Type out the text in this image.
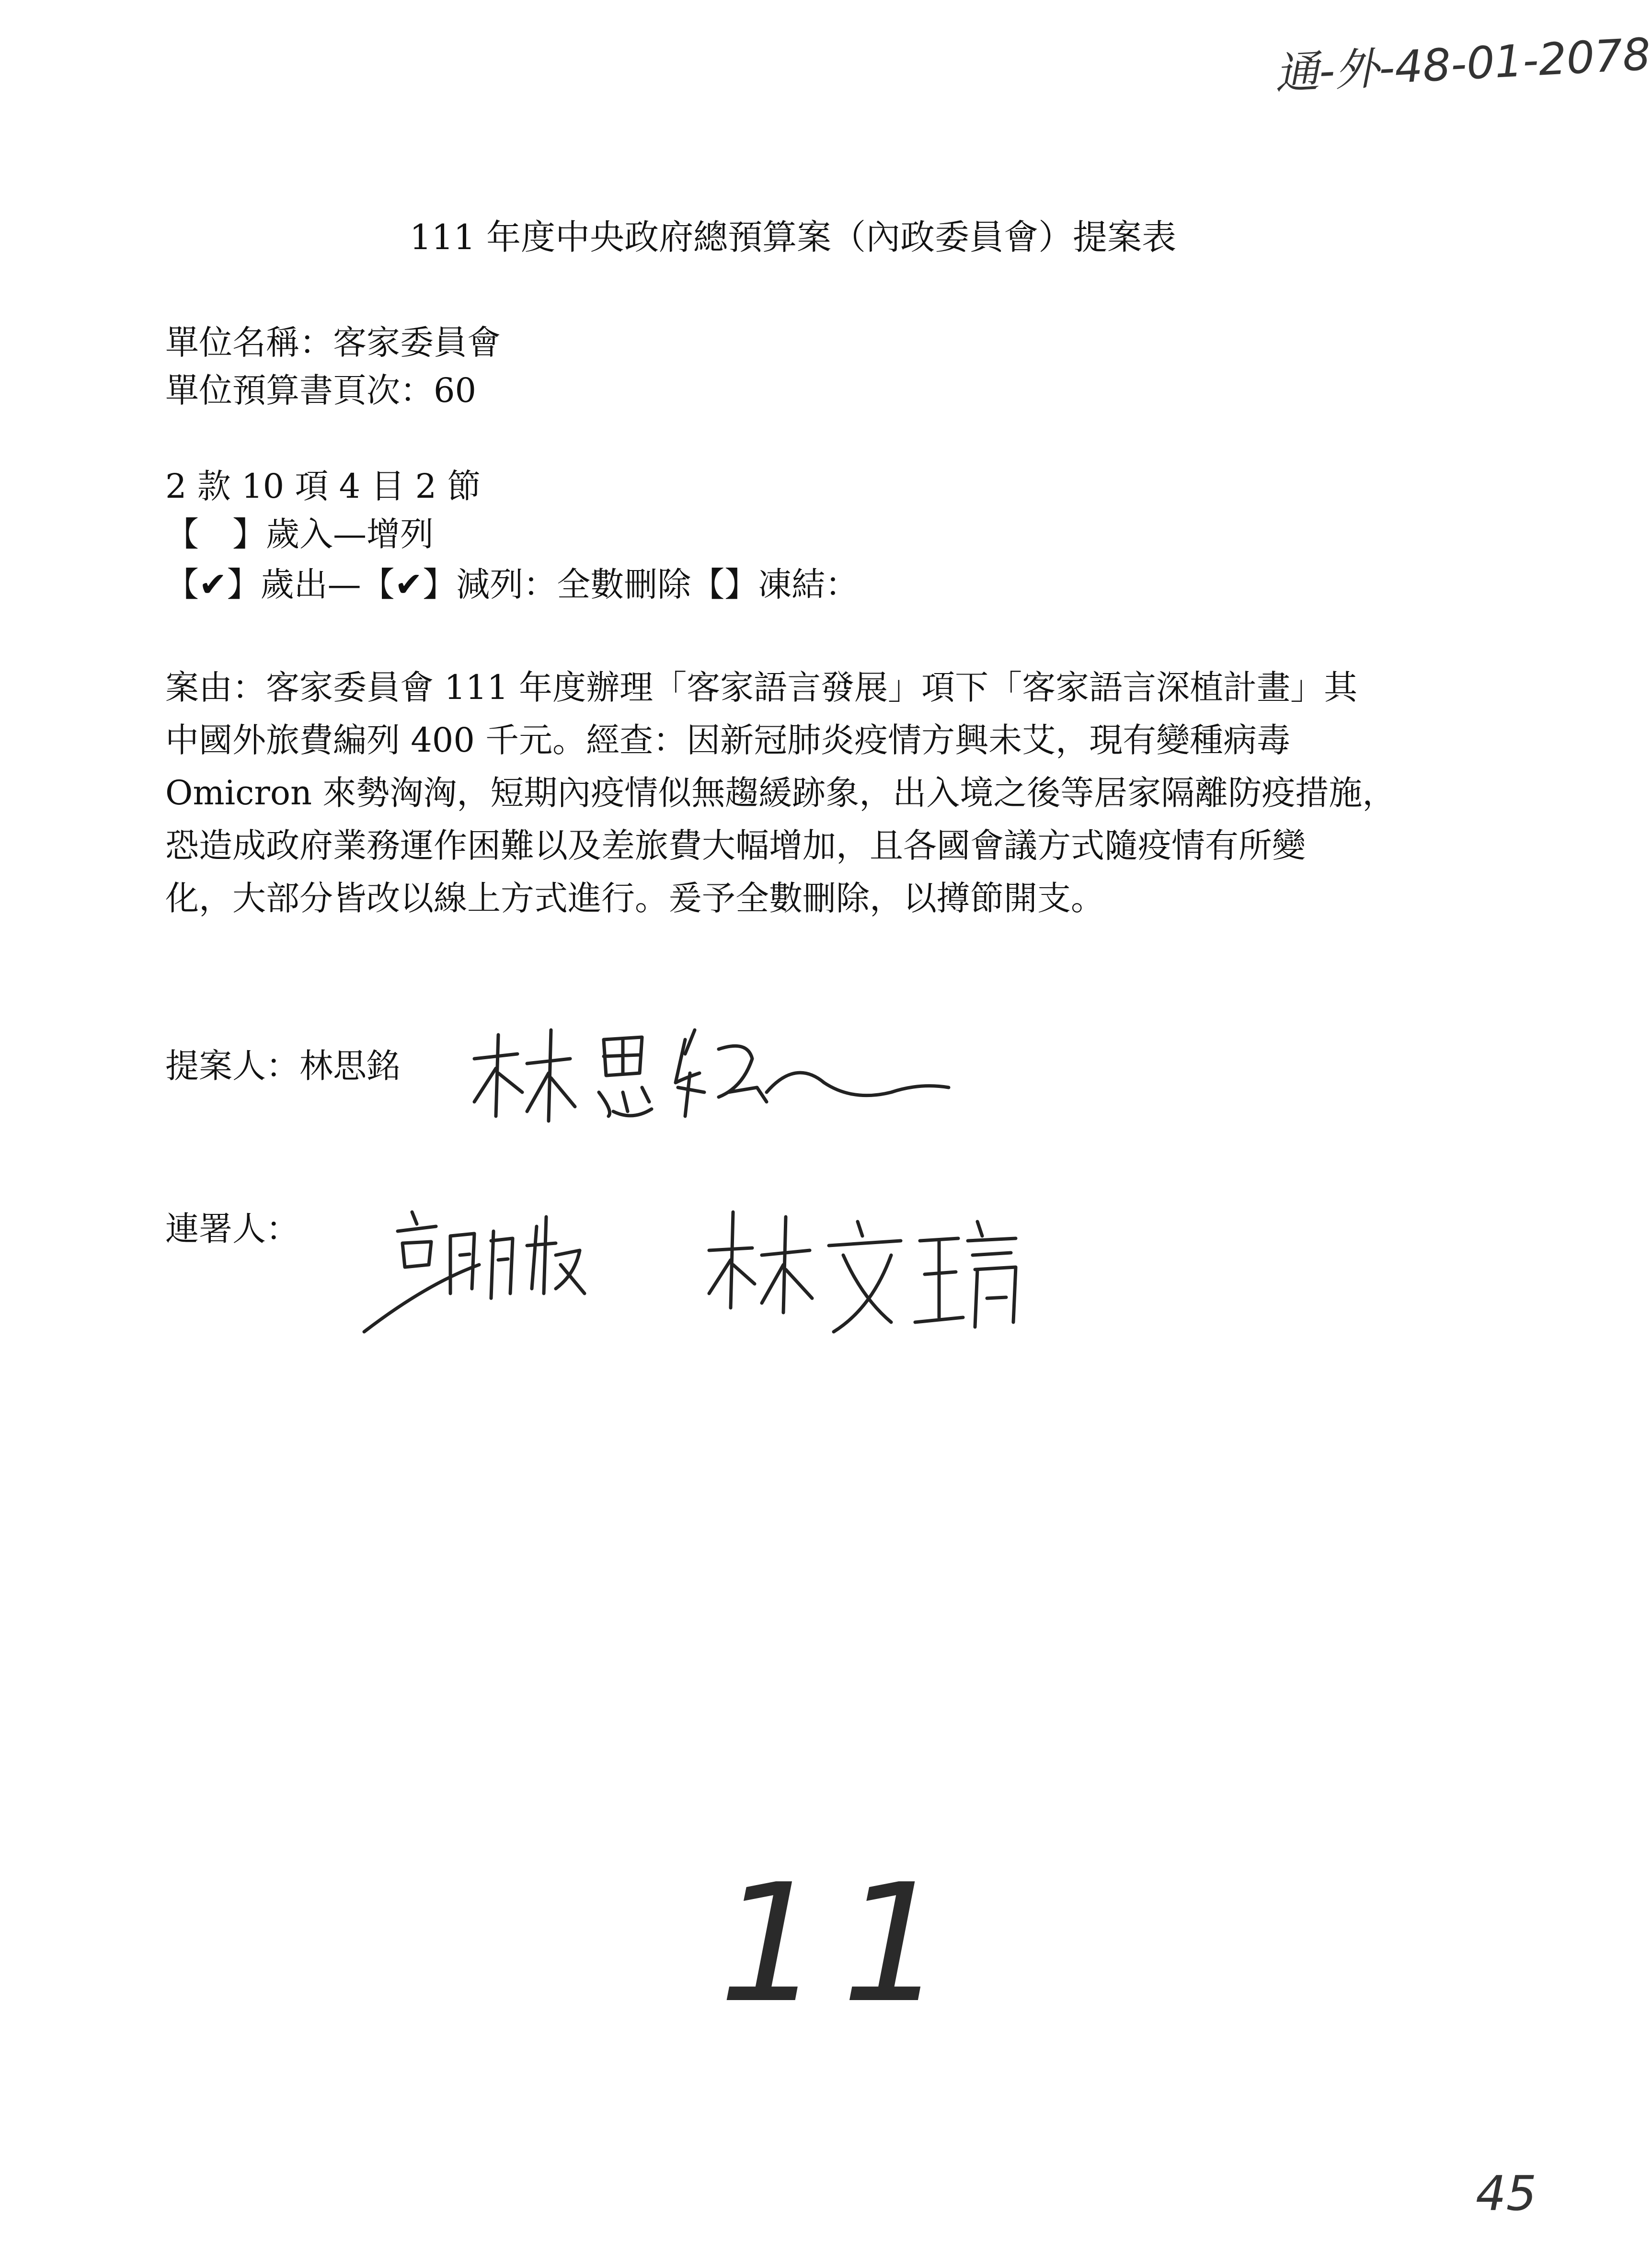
通-外-48-01-2078
111 年度中央政府總預算案（內政委員會）提案表
單位名稱：客家委員會
單位預算書頁次：60
2 款 10 項 4 目 2 節
【　】歲入—增列
【✔】歲出—【✔】減列：全數刪除【】凍結：
案由：客家委員會 111 年度辦理「客家語言發展」項下「客家語言深植計畫」其
中國外旅費編列 400 千元。經查：因新冠肺炎疫情方興未艾，現有變種病毒
Omicron 來勢洶洶，短期內疫情似無趨緩跡象，出入境之後等居家隔離防疫措施，
恐造成政府業務運作困難以及差旅費大幅增加，且各國會議方式隨疫情有所變
化，大部分皆改以線上方式進行。爰予全數刪除，以撙節開支。
提案人：林思銘
連署人：
11
45
